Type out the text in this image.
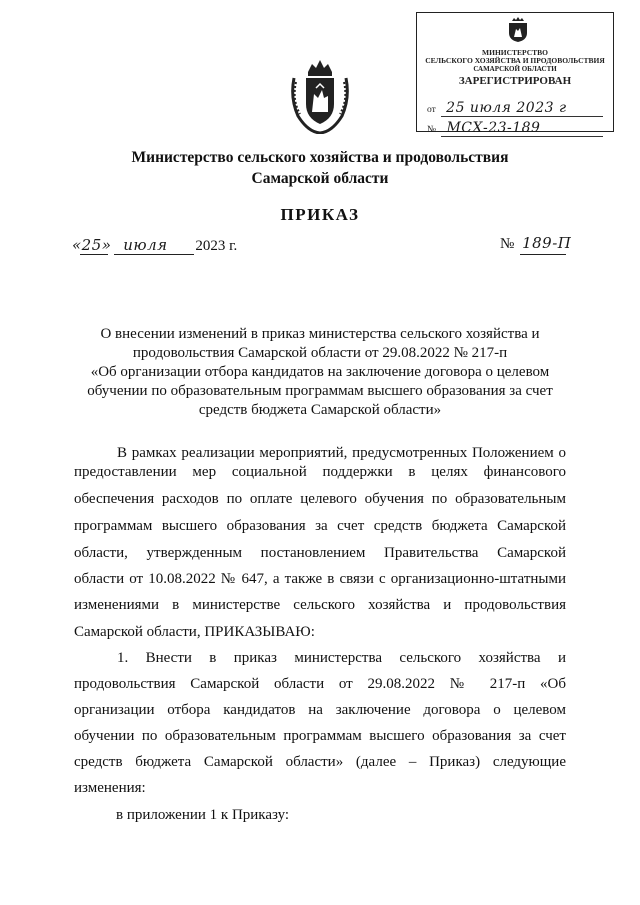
МИНИСТЕРСТВО
СЕЛЬСКОГО ХОЗЯЙСТВА И ПРОДОВОЛЬСТВИЯ
САМАРСКОЙ ОБЛАСТИ
ЗАРЕГИСТРИРОВАН
от 25 июля 2023 г
№ МСХ-23-189
Министерство сельского хозяйства и продовольствия
Самарской области
ПРИКАЗ
«25» июля 2023 г.	№ 189-П
О внесении изменений в приказ министерства сельского хозяйства и
продовольствия Самарской области от 29.08.2022 № 217-п
«Об организации отбора кандидатов на заключение договора о целевом
обучении по образовательным программам высшего образования за счет
средств бюджета Самарской области»
В рамках реализации мероприятий, предусмотренных Положением о
предоставлении мер социальной поддержки в целях финансового
обеспечения расходов по оплате целевого обучения по образовательным
программам высшего образования за счет средств бюджета Самарской
области, утвержденным постановлением Правительства Самарской
области от 10.08.2022 № 647, а также в связи с организационно-штатными
изменениями в министерстве сельского хозяйства и продовольствия
Самарской области, ПРИКАЗЫВАЮ:
1. Внести в приказ министерства сельского хозяйства и
продовольствия Самарской области от 29.08.2022 № 217-п «Об
организации отбора кандидатов на заключение договора о целевом
обучении по образовательным программам высшего образования за счет
средств бюджета Самарской области» (далее – Приказ) следующие
изменения:
в приложении 1 к Приказу:
